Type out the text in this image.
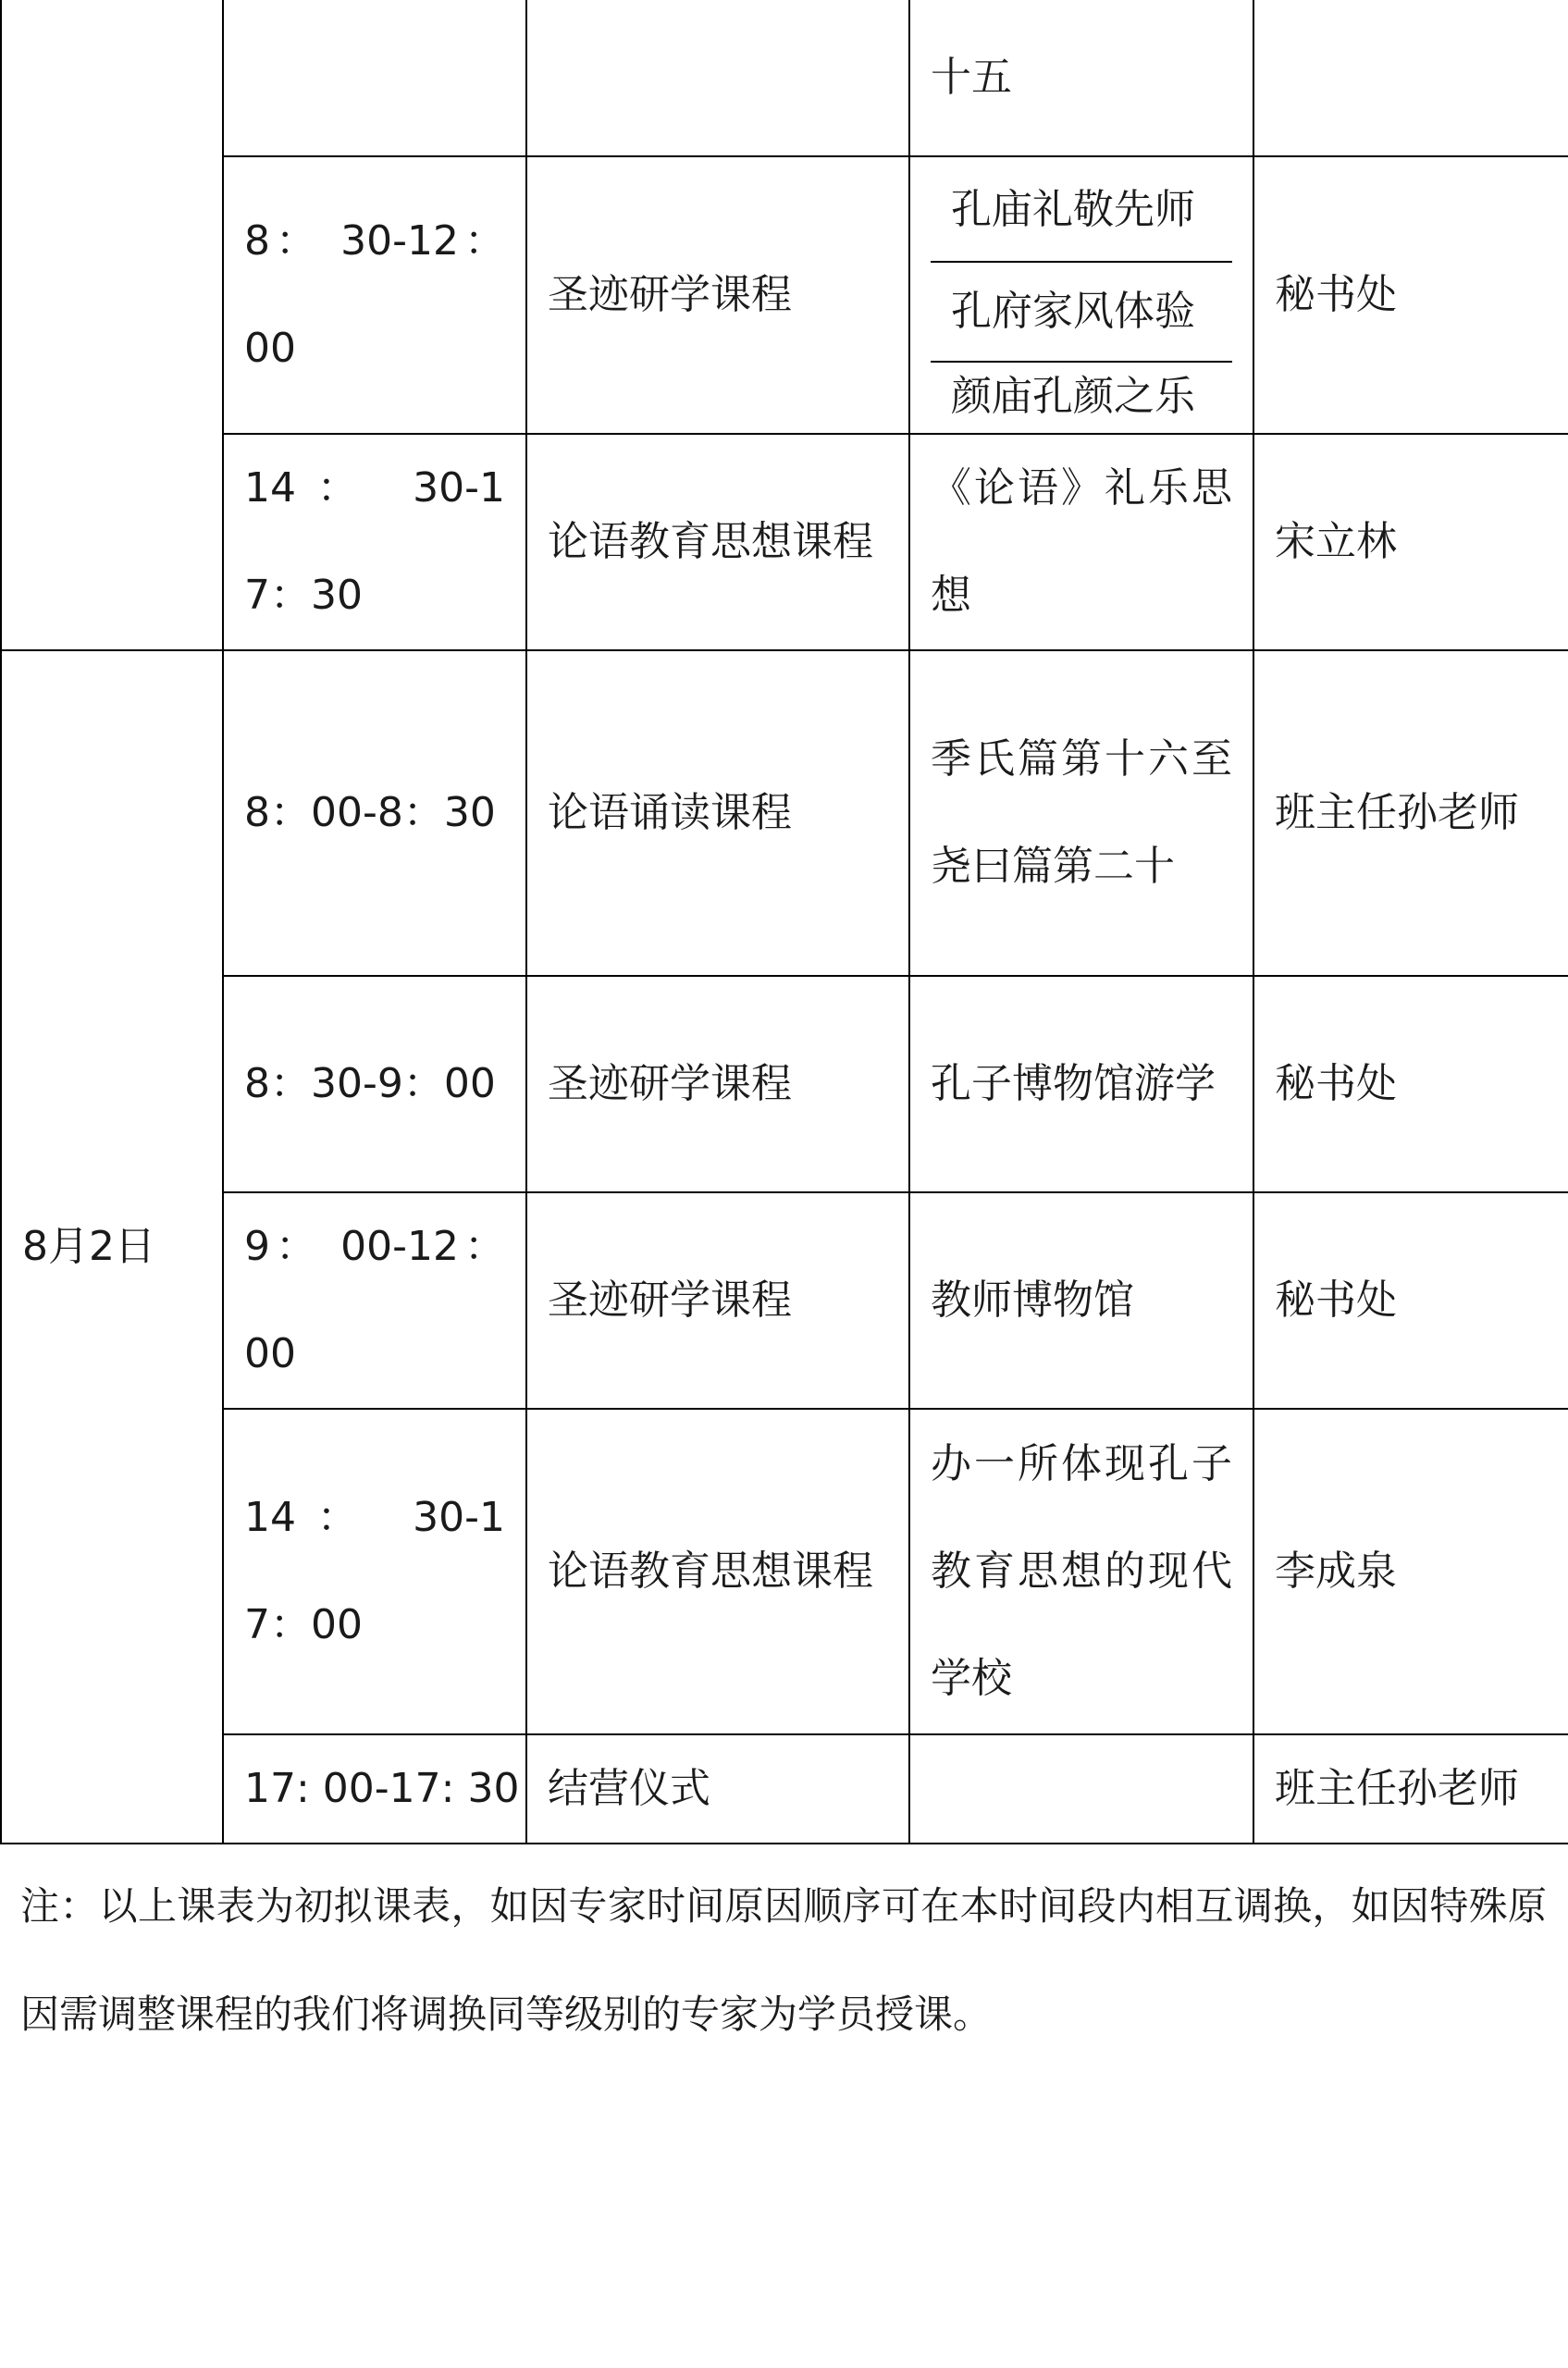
			十五	
	8： 30-12：00	圣迹研学课程	孔庙礼敬先师
孔府家风体验
颜庙孔颜之乐	秘书处
	14： 30-17：30	论语教育思想课程	《论语》礼乐思想	宋立林
8月2日	8：00-8：30	论语诵读课程	季氏篇第十六至尧曰篇第二十	班主任孙老师
	8：30-9：00	圣迹研学课程	孔子博物馆游学	秘书处
	9： 00-12：00	圣迹研学课程	教师博物馆	秘书处
	14： 30-17：00	论语教育思想课程	办一所体现孔子教育思想的现代学校	李成泉
	17: 00-17: 30	结营仪式		班主任孙老师
注：以上课表为初拟课表，如因专家时间原因顺序可在本时间段内相互调换，如因特殊原因需调整课程的我们将调换同等级别的专家为学员授课。
